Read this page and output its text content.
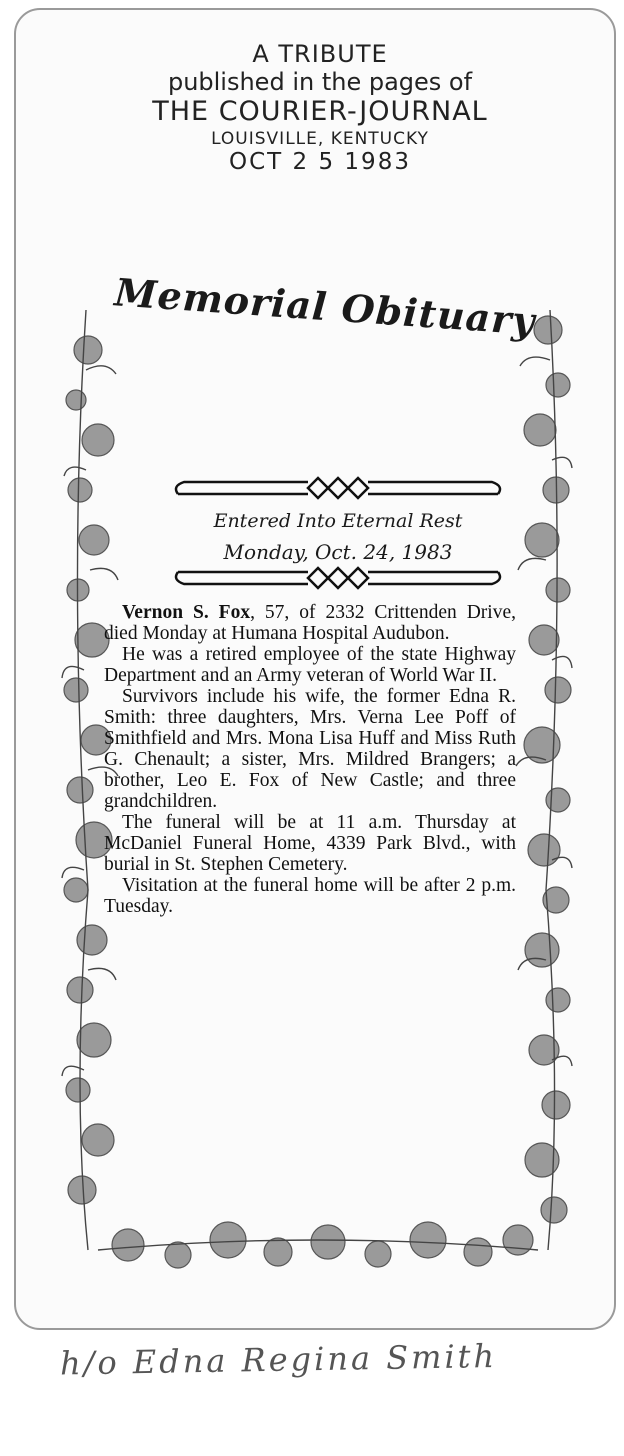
A TRIBUTE
published in the pages of
THE COURIER-JOURNAL
LOUISVILLE, KENTUCKY
OCT 2 5 1983
Memorial Obituary
Entered Into Eternal Rest
Monday, Oct. 24, 1983

Vernon S. Fox, 57, of 2332 Crittenden Drive, died Monday at Humana Hospital Audubon.

He was a retired employee of the state Highway Department and an Army veteran of World War II.

Survivors include his wife, the former Edna R. Smith: three daughters, Mrs. Verna Lee Poff of Smithfield and Mrs. Mona Lisa Huff and Miss Ruth G. Chenault; a sister, Mrs. Mildred Brangers; a brother, Leo E. Fox of New Castle; and three grandchildren.

The funeral will be at 11 a.m. Thursday at McDaniel Funeral Home, 4339 Park Blvd., with burial in St. Stephen Cemetery.

Visitation at the funeral home will be after 2 p.m. Tuesday.

h/o Edna Regina Smith
